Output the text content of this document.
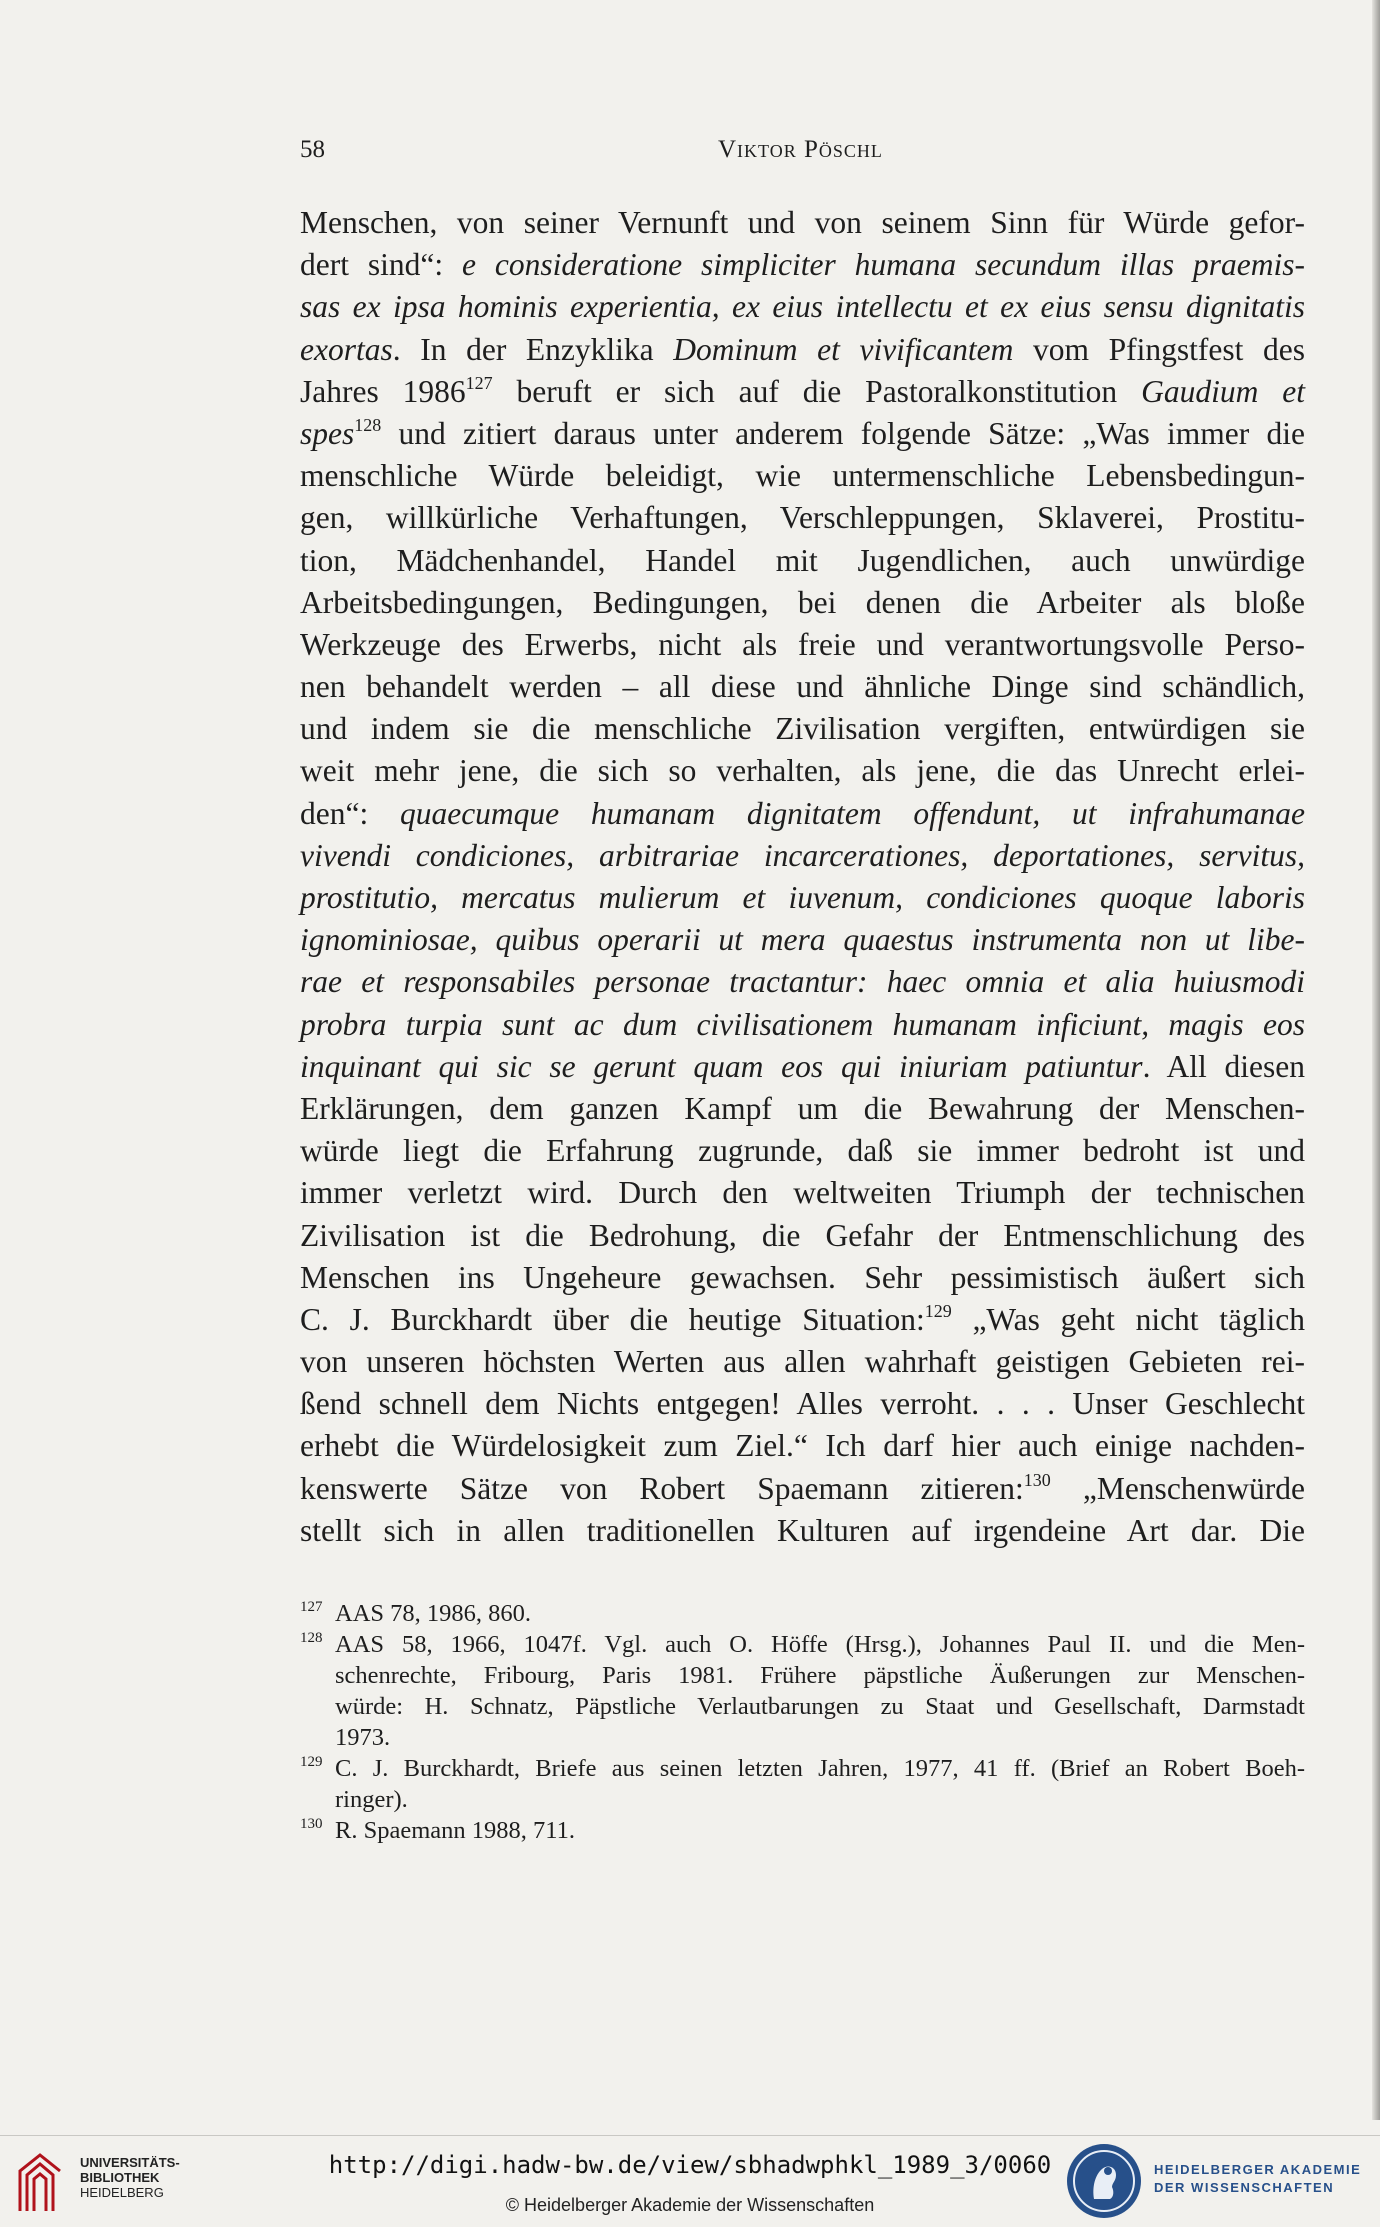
58	Viktor Pöschl
Menschen, von seiner Vernunft und von seinem Sinn für Würde gefor-
dert sind“: e consideratione simpliciter humana secundum illas praemis-
sas ex ipsa hominis experientia, ex eius intellectu et ex eius sensu dignitatis
exortas. In der Enzyklika Dominum et vivificantem vom Pfingstfest des
Jahres 1986$^{127}$ beruft er sich auf die Pastoralkonstitution Gaudium et
spes$^{128}$ und zitiert daraus unter anderem folgende Sätze: „Was immer die
menschliche Würde beleidigt, wie untermenschliche Lebensbedingun-
gen, willkürliche Verhaftungen, Verschleppungen, Sklaverei, Prostitu-
tion, Mädchenhandel, Handel mit Jugendlichen, auch unwürdige
Arbeitsbedingungen, Bedingungen, bei denen die Arbeiter als bloße
Werkzeuge des Erwerbs, nicht als freie und verantwortungsvolle Perso-
nen behandelt werden – all diese und ähnliche Dinge sind schändlich,
und indem sie die menschliche Zivilisation vergiften, entwürdigen sie
weit mehr jene, die sich so verhalten, als jene, die das Unrecht erlei-
den“: quaecumque humanam dignitatem offendunt, ut infrahumanae
vivendi condiciones, arbitrariae incarcerationes, deportationes, servitus,
prostitutio, mercatus mulierum et iuvenum, condiciones quoque laboris
ignominiosae, quibus operarii ut mera quaestus instrumenta non ut libe-
rae et responsabiles personae tractantur: haec omnia et alia huiusmodi
probra turpia sunt ac dum civilisationem humanam inficiunt, magis eos
inquinant qui sic se gerunt quam eos qui iniuriam patiuntur. All diesen
Erklärungen, dem ganzen Kampf um die Bewahrung der Menschen-
würde liegt die Erfahrung zugrunde, daß sie immer bedroht ist und
immer verletzt wird. Durch den weltweiten Triumph der technischen
Zivilisation ist die Bedrohung, die Gefahr der Entmenschlichung des
Menschen ins Ungeheure gewachsen. Sehr pessimistisch äußert sich
C. J. Burckhardt über die heutige Situation:$^{129}$ „Was geht nicht täglich
von unseren höchsten Werten aus allen wahrhaft geistigen Gebieten rei-
ßend schnell dem Nichts entgegen! Alles verroht. . . . Unser Geschlecht
erhebt die Würdelosigkeit zum Ziel.“ Ich darf hier auch einige nachden-
kenswerte Sätze von Robert Spaemann zitieren:$^{130}$ „Menschenwürde
stellt sich in allen traditionellen Kulturen auf irgendeine Art dar. Die
127 AAS 78, 1986, 860.
128 AAS 58, 1966, 1047f. Vgl. auch O. Höffe (Hrsg.), Johannes Paul II. und die Men-
schenrechte, Fribourg, Paris 1981. Frühere päpstliche Äußerungen zur Menschen-
würde: H. Schnatz, Päpstliche Verlautbarungen zu Staat und Gesellschaft, Darmstadt
1973.
129 C. J. Burckhardt, Briefe aus seinen letzten Jahren, 1977, 41 ff. (Brief an Robert Boeh-
ringer).
130 R. Spaemann 1988, 711.
UNIVERSITÄTS-
BIBLIOTHEK
HEIDELBERG
http://digi.hadw-bw.de/view/sbhadwphkl_1989_3/0060
© Heidelberger Akademie der Wissenschaften
HEIDELBERGER AKADEMIE
DER WISSENSCHAFTEN
